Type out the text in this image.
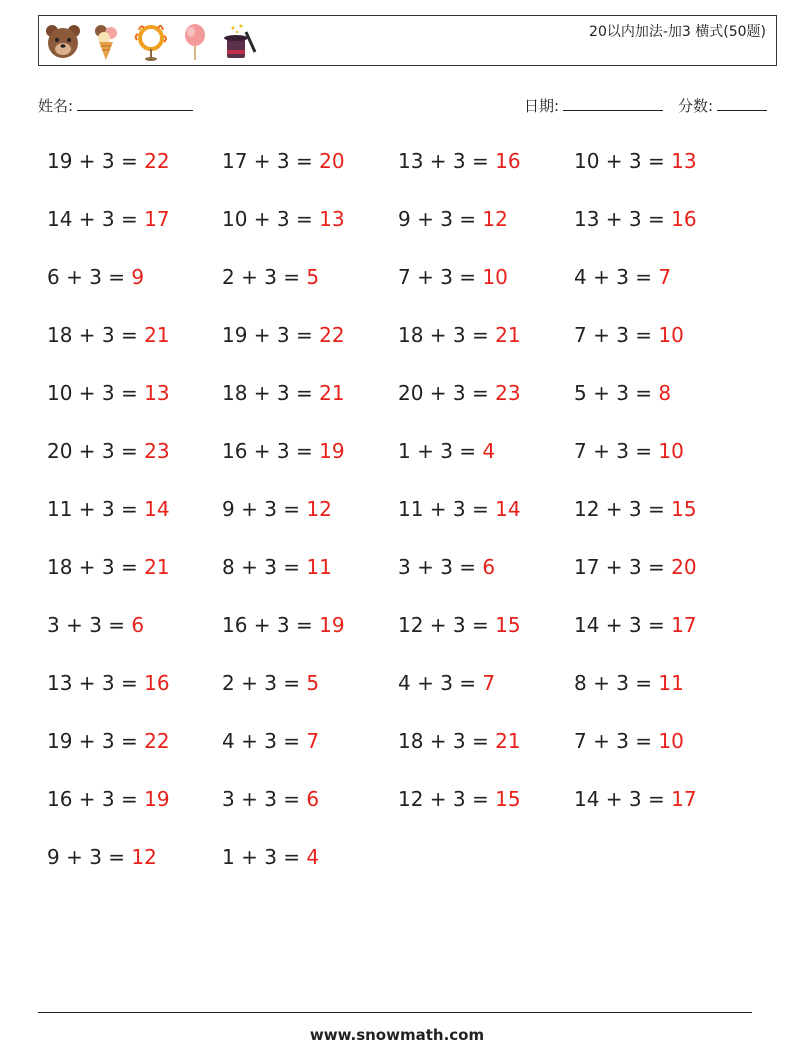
20以内加法-加3 横式(50题)
姓名:	日期:	分数:
19 + 3 = 22	17 + 3 = 20	13 + 3 = 16	10 + 3 = 13
14 + 3 = 17	10 + 3 = 13	9 + 3 = 12	13 + 3 = 16
6 + 3 = 9	2 + 3 = 5	7 + 3 = 10	4 + 3 = 7
18 + 3 = 21	19 + 3 = 22	18 + 3 = 21	7 + 3 = 10
10 + 3 = 13	18 + 3 = 21	20 + 3 = 23	5 + 3 = 8
20 + 3 = 23	16 + 3 = 19	1 + 3 = 4	7 + 3 = 10
11 + 3 = 14	9 + 3 = 12	11 + 3 = 14	12 + 3 = 15
18 + 3 = 21	8 + 3 = 11	3 + 3 = 6	17 + 3 = 20
3 + 3 = 6	16 + 3 = 19	12 + 3 = 15	14 + 3 = 17
13 + 3 = 16	2 + 3 = 5	4 + 3 = 7	8 + 3 = 11
19 + 3 = 22	4 + 3 = 7	18 + 3 = 21	7 + 3 = 10
16 + 3 = 19	3 + 3 = 6	12 + 3 = 15	14 + 3 = 17
9 + 3 = 12	1 + 3 = 4
www.snowmath.com
